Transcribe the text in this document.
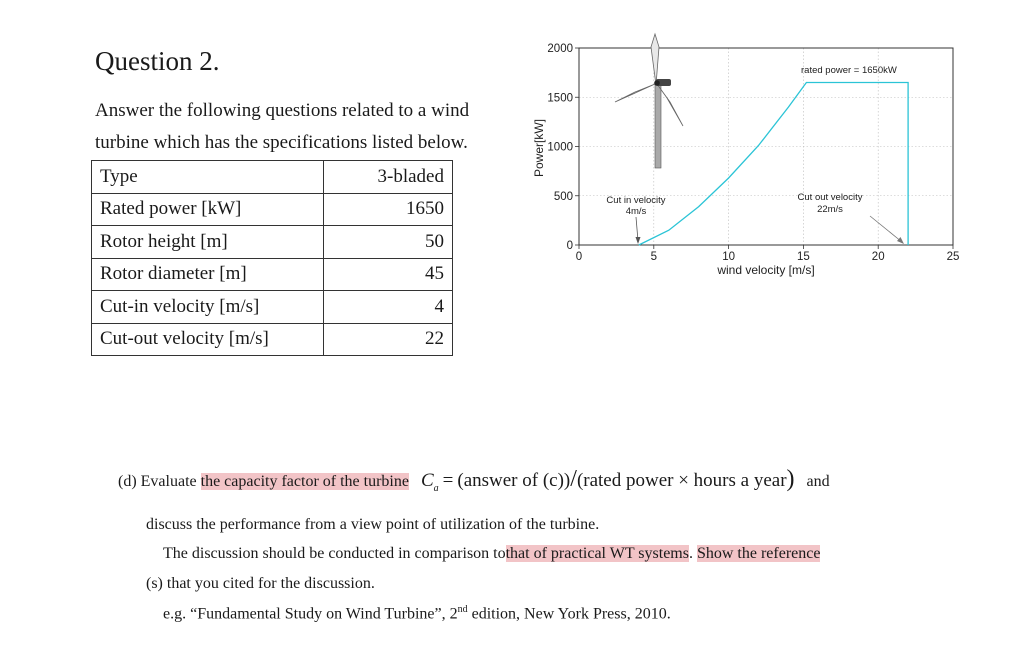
Question 2.
Answer the following questions related to a wind
turbine which has the specifications listed below.
Type	3-bladed
Rated power [kW]	1650
Rotor height [m]	50
Rotor diameter [m]	45
Cut-in velocity [m/s]	4
Cut-out velocity [m/s]	22
0
500
1000
1500
2000
0	5	10	15	20	25
rated power = 1650kW
Cut in velocity
4m/s
Cut out velocity
22m/s
wind velocity [m/s]
Power[kW]
(d) Evaluate the capacity factor of the turbine $C_a$ = (answer of (c))/(rated power × hours a year) and
discuss the performance from a view point of utilization of the turbine.
The discussion should be conducted in comparison tothat of practical WT systems. Show the reference
(s) that you cited for the discussion.
e.g. “Fundamental Study on Wind Turbine”, 2nd edition, New York Press, 2010.
